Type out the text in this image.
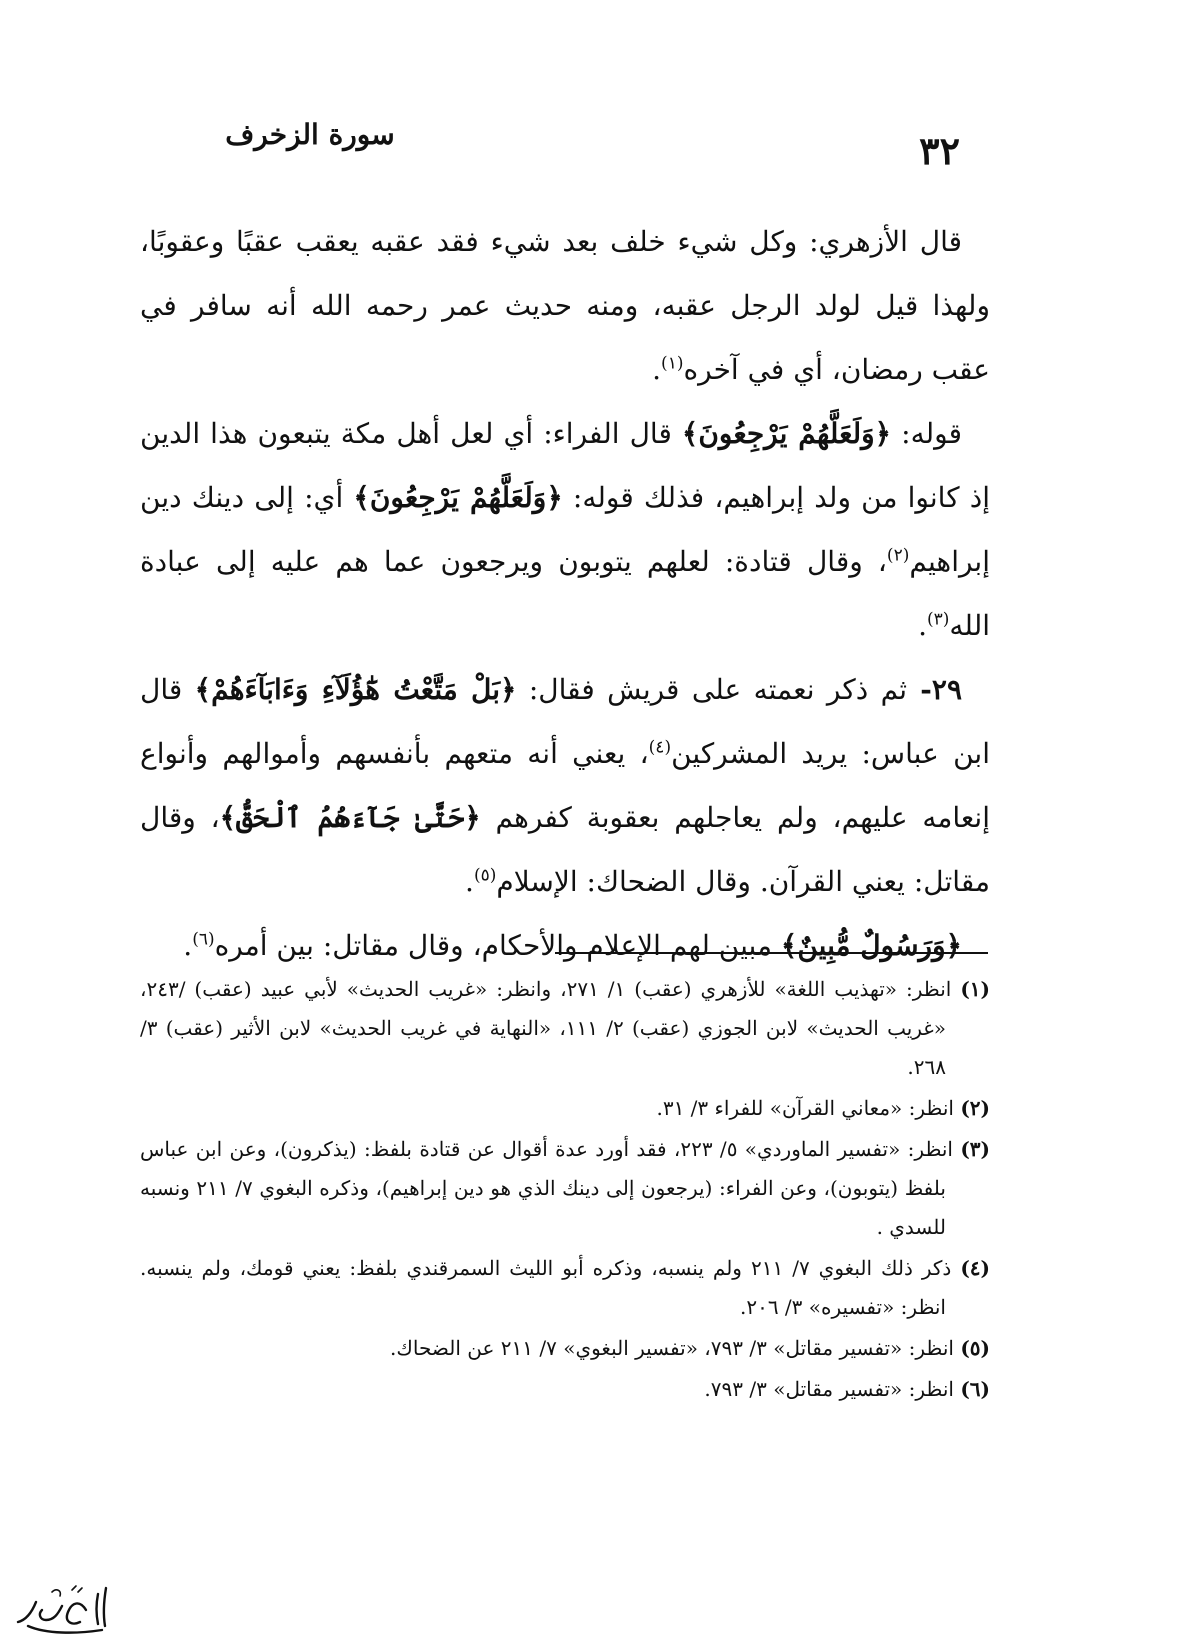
٣٢
سورة الزخرف

قال الأزهري: وكل شيء خلف بعد شيء فقد عقبه يعقب عقبًا وعقوبًا، ولهذا قيل لولد الرجل عقبه، ومنه حديث عمر رحمه الله أنه سافر في عقب رمضان، أي في آخره$^{(١)}$.

قوله: ﴿وَلَعَلَّهُمْ يَرْجِعُونَ﴾ قال الفراء: أي لعل أهل مكة يتبعون هذا الدين إذ كانوا من ولد إبراهيم، فذلك قوله: ﴿وَلَعَلَّهُمْ يَرْجِعُونَ﴾ أي: إلى دينك دين إبراهيم$^{(٢)}$، وقال قتادة: لعلهم يتوبون ويرجعون عما هم عليه إلى عبادة الله$^{(٣)}$.

٢٩- ثم ذكر نعمته على قريش فقال: ﴿بَلْ مَتَّعْتُ هَٰٓؤُلَآءِ وَءَابَآءَهُمْ﴾ قال ابن عباس: يريد المشركين$^{(٤)}$، يعني أنه متعهم بأنفسهم وأموالهم وأنواع إنعامه عليهم، ولم يعاجلهم بعقوبة كفرهم ﴿حَتَّىٰ جَآءَهُمُ ٱلْحَقُّ﴾، وقال مقاتل: يعني القرآن. وقال الضحاك: الإسلام$^{(٥)}$.

﴿وَرَسُولٌ مُّبِينٌ﴾ مبين لهم الإعلام والأحكام، وقال مقاتل: بين أمره$^{(٦)}$.

(١) انظر: «تهذيب اللغة» للأزهري (عقب) ١/ ٢٧١، وانظر: «غريب الحديث» لأبي عبيد (عقب) /٢٤٣، «غريب الحديث» لابن الجوزي (عقب) ٢/ ١١١، «النهاية في غريب الحديث» لابن الأثير (عقب) ٣/ ٢٦٨.

(٢) انظر: «معاني القرآن» للفراء ٣/ ٣١.

(٣) انظر: «تفسير الماوردي» ٥/ ٢٢٣، فقد أورد عدة أقوال عن قتادة بلفظ: (يذكرون)، وعن ابن عباس بلفظ (يتوبون)، وعن الفراء: (يرجعون إلى دينك الذي هو دين إبراهيم)، وذكره البغوي ٧/ ٢١١ ونسبه للسدي .

(٤) ذكر ذلك البغوي ٧/ ٢١١ ولم ينسبه، وذكره أبو الليث السمرقندي بلفظ: يعني قومك، ولم ينسبه. انظر: «تفسيره» ٣/ ٢٠٦.

(٥) انظر: «تفسير مقاتل» ٣/ ٧٩٣، «تفسير البغوي» ٧/ ٢١١ عن الضحاك.

(٦) انظر: «تفسير مقاتل» ٣/ ٧٩٣.
